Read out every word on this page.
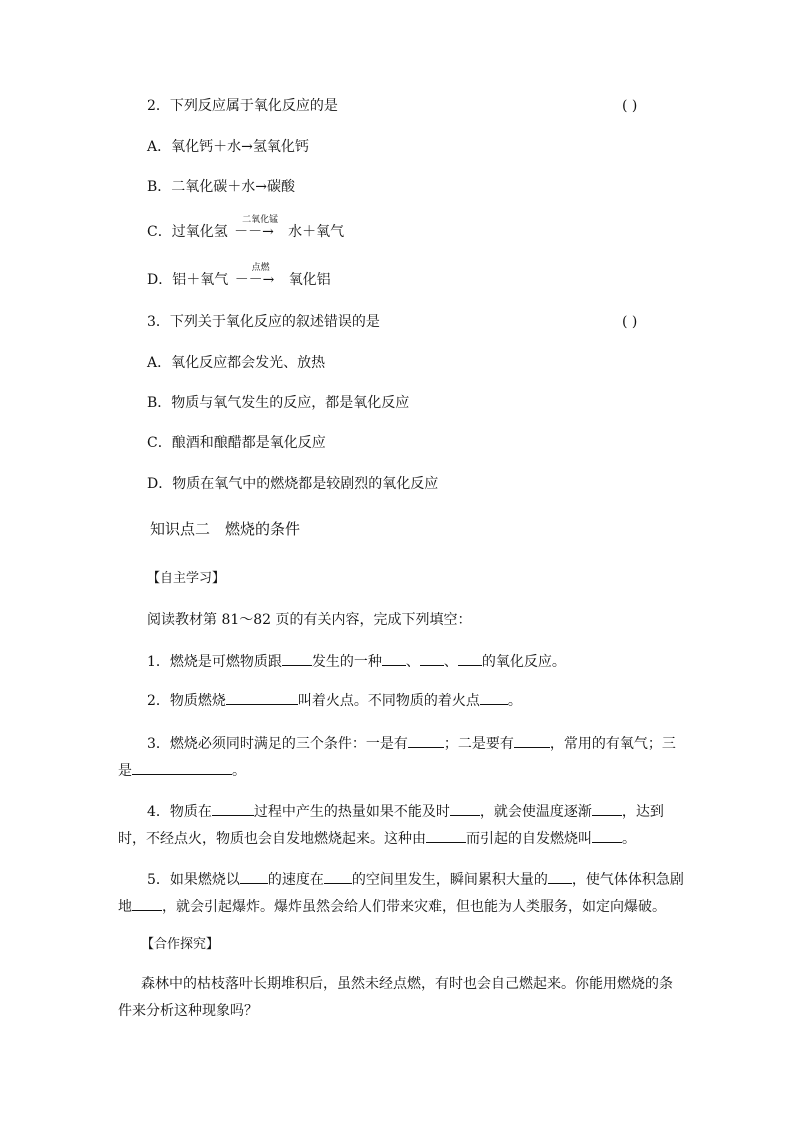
2．下列反应属于氧化反应的是	( )
A．氧化钙＋水→氢氧化钙
B．二氧化碳＋水→碳酸
C．过氧化氢
二氧化锰
－－→	水＋氧气
D．铝＋氧气
点燃
－－→	氧化铝
3．下列关于氧化反应的叙述错误的是	( )
A．氧化反应都会发光、放热
B．物质与氧气发生的反应，都是氧化反应
C．酿酒和酿醋都是氧化反应
D．物质在氧气中的燃烧都是较剧烈的氧化反应
知识点二　燃烧的条件
【自主学习】
阅读教材第 81～82 页的有关内容，完成下列填空：
1．燃烧是可燃物质跟 发生的一种 、 、 的氧化反应。
2．物质燃烧	叫着火点。不同物质的着火点 。
3．燃烧必须同时满足的三个条件：一是有	；二是要有	，常用的有氧气；三
是	。
4．物质在	过程中产生的热量如果不能及时 ，就会使温度逐渐 ，达到
时，不经点火，物质也会自发地燃烧起来。这种由	而引起的自发燃烧叫 。
5．如果燃烧以 的速度在 的空间里发生，瞬间累积大量的 ，使气体体积急剧
地 ，就会引起爆炸。爆炸虽然会给人们带来灾难，但也能为人类服务，如定向爆破。
【合作探究】
森林中的枯枝落叶长期堆积后，虽然未经点燃，有时也会自己燃起来。你能用燃烧的条
件来分析这种现象吗？
